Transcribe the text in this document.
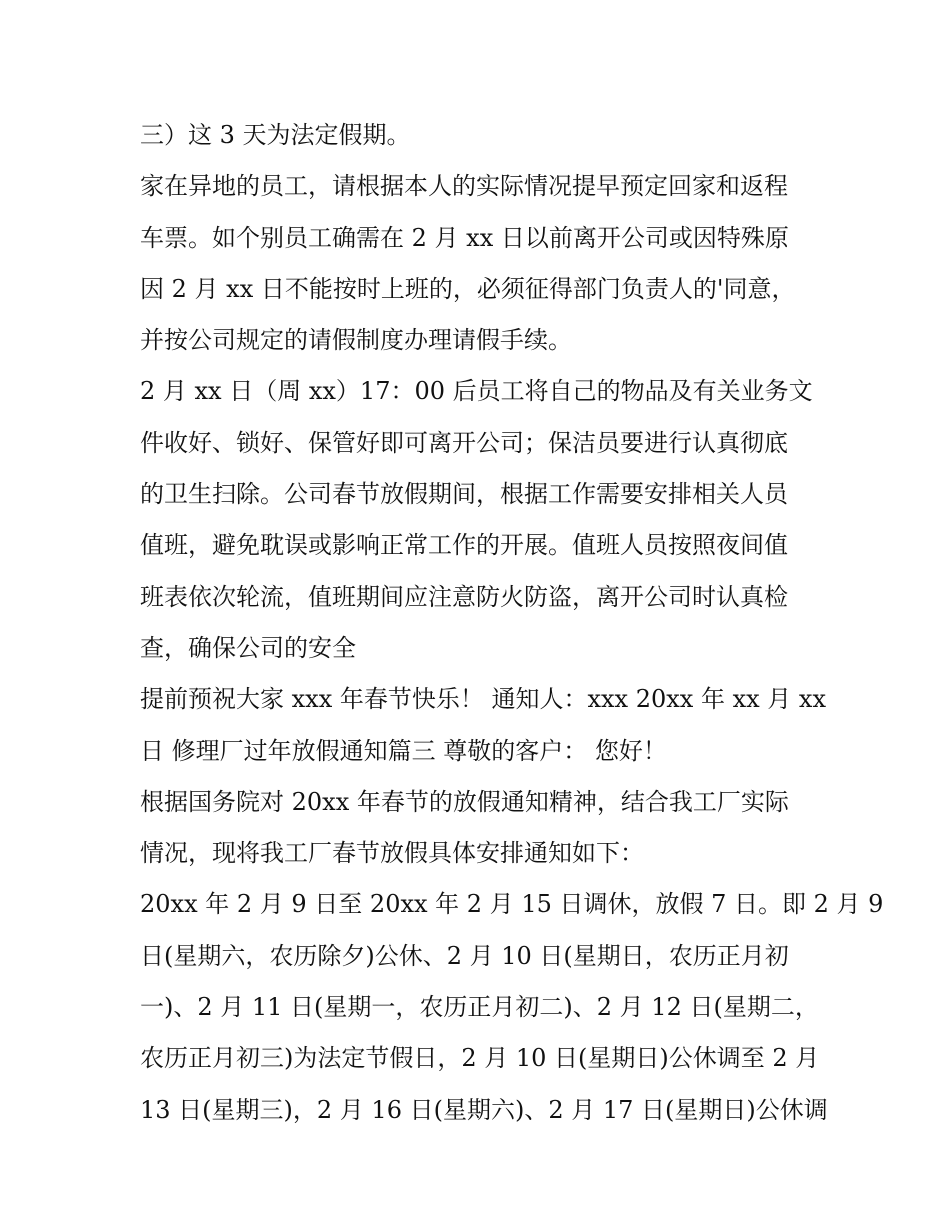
三）这 3 天为法定假期。
家在异地的员工，请根据本人的实际情况提早预定回家和返程
车票。如个别员工确需在 2 月 xx 日以前离开公司或因特殊原
因 2 月 xx 日不能按时上班的，必须征得部门负责人的'同意，
并按公司规定的请假制度办理请假手续。
2 月 xx 日（周 xx）17：00 后员工将自己的物品及有关业务文
件收好、锁好、保管好即可离开公司；保洁员要进行认真彻底
的卫生扫除。公司春节放假期间，根据工作需要安排相关人员
值班，避免耽误或影响正常工作的开展。值班人员按照夜间值
班表依次轮流，值班期间应注意防火防盗，离开公司时认真检
查，确保公司的安全
提前预祝大家 xxx 年春节快乐！ 通知人：xxx 20xx 年 xx 月 xx
日 修理厂过年放假通知篇三 尊敬的客户： 您好！
根据国务院对 20xx 年春节的放假通知精神，结合我工厂实际
情况，现将我工厂春节放假具体安排通知如下：
20xx 年 2 月 9 日至 20xx 年 2 月 15 日调休，放假 7 日。即 2 月 9
日(星期六，农历除夕)公休、2 月 10 日(星期日，农历正月初
一)、2 月 11 日(星期一，农历正月初二)、2 月 12 日(星期二，
农历正月初三)为法定节假日，2 月 10 日(星期日)公休调至 2 月
13 日(星期三)，2 月 16 日(星期六)、2 月 17 日(星期日)公休调
